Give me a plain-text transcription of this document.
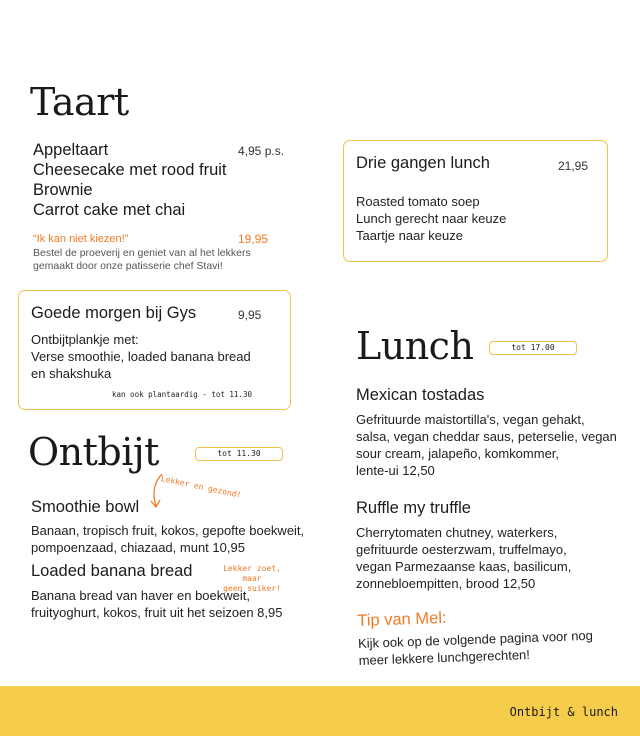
Taart
Appeltaart
Cheesecake met rood fruit
Brownie
Carrot cake met chai
4,95 p.s.
“Ik kan niet kiezen!”	19,95
Bestel de proeverij en geniet van al het lekkers
gemaakt door onze patisserie chef Stavi!
Drie gangen lunch	21,95
Roasted tomato soep
Lunch gerecht naar keuze
Taartje naar keuze
Goede morgen bij Gys	9,95
Ontbijtplankje met:
Verse smoothie, loaded banana bread
en shakshuka
kan ook plantaardig - tot 11.30
Ontbijt	tot 11.30
Lekker en gezond!
Smoothie bowl
Banaan, tropisch fruit, kokos, gepofte boekweit,
pompoenzaad, chiazaad, munt 10,95
Loaded banana bread	Lekker zoet, maar
geen suiker!
Banana bread van haver en boekweit,
fruityoghurt, kokos, fruit uit het seizoen 8,95
Lunch	tot 17.00
Mexican tostadas
Gefrituurde maistortilla's, vegan gehakt,
salsa, vegan cheddar saus, peterselie, vegan
sour cream, jalapeño, komkommer,
lente-ui 12,50
Ruffle my truffle
Cherrytomaten chutney, waterkers,
gefrituurde oesterzwam, truffelmayo,
vegan Parmezaanse kaas, basilicum,
zonnebloempitten, brood 12,50
Tip van Mel:
Kijk ook op de volgende pagina voor nog
meer lekkere lunchgerechten!
Ontbijt & lunch
